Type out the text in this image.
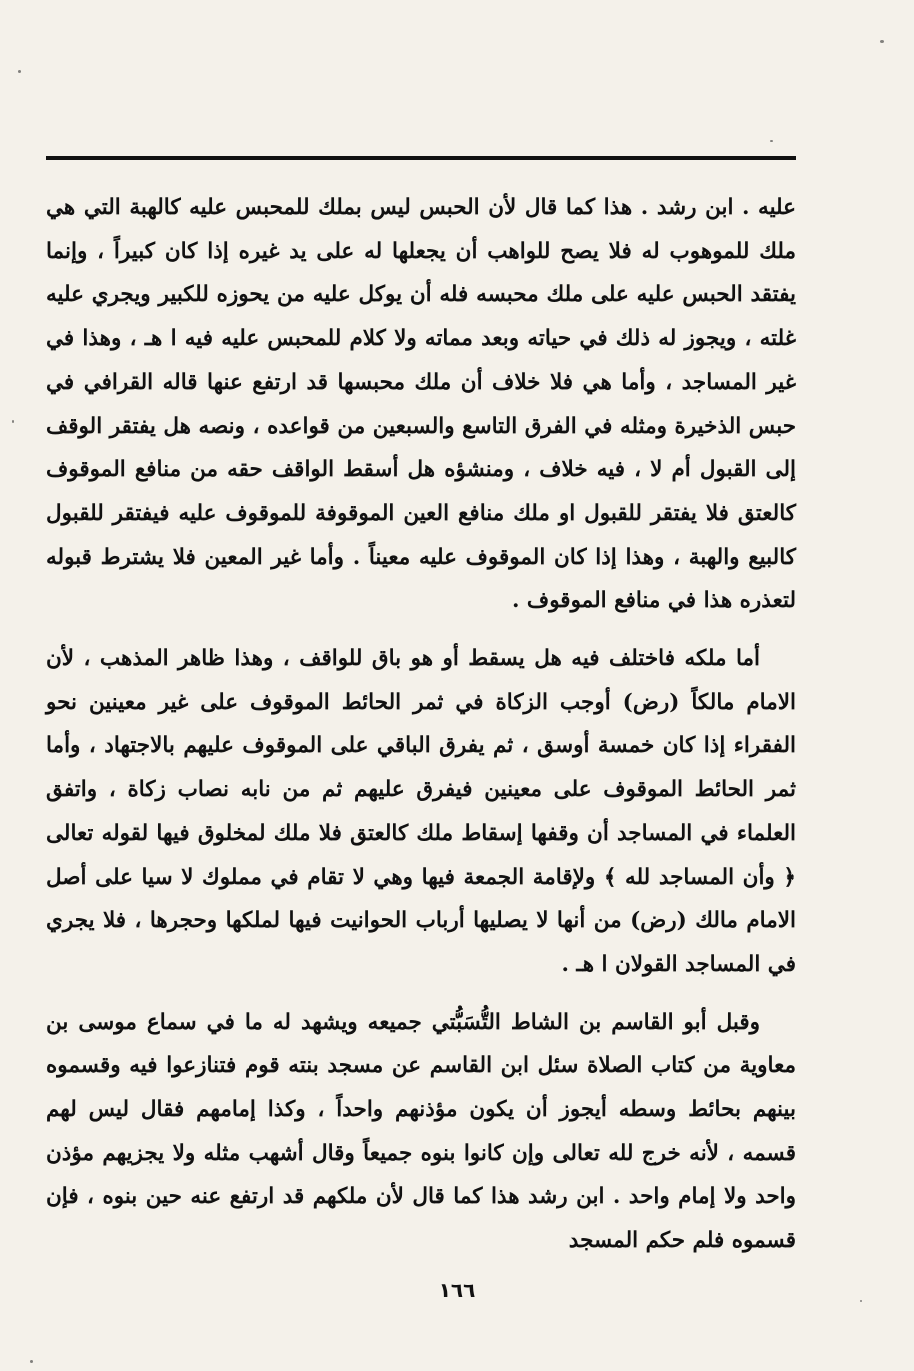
عليه . ابن رشد . هذا كما قال لأن الحبس ليس بملك للمحبس عليه كالهبة التي هي ملك للموهوب له فلا يصح للواهب أن يجعلها له على يد غيره إذا كان كبيراً ، وإنما يفتقد الحبس عليه على ملك محبسه فله أن يوكل عليه من يحوزه للكبير ويجري عليه غلته ، ويجوز له ذلك في حياته وبعد مماته ولا كلام للمحبس عليه فيه ا هـ ، وهذا في غير المساجد ، وأما هي فلا خلاف أن ملك محبسها قد ارتفع عنها قاله القرافي في حبس الذخيرة ومثله في الفرق التاسع والسبعين من قواعده ، ونصه هل يفتقر الوقف إلى القبول أم لا ، فيه خلاف ، ومنشؤه هل أسقط الواقف حقه من منافع الموقوف كالعتق فلا يفتقر للقبول او ملك منافع العين الموقوفة للموقوف عليه فيفتقر للقبول كالبيع والهبة ، وهذا إذا كان الموقوف عليه معيناً . وأما غير المعين فلا يشترط قبوله لتعذره هذا في منافع الموقوف .

أما ملكه فاختلف فيه هل يسقط أو هو باق للواقف ، وهذا ظاهر المذهب ، لأن الامام مالكاً (رض) أوجب الزكاة في ثمر الحائط الموقوف على غير معينين نحو الفقراء إذا كان خمسة أوسق ، ثم يفرق الباقي على الموقوف عليهم بالاجتهاد ، وأما ثمر الحائط الموقوف على معينين فيفرق عليهم ثم من نابه نصاب زكاة ، واتفق العلماء في المساجد أن وقفها إسقاط ملك كالعتق فلا ملك لمخلوق فيها لقوله تعالى ﴿ وأن المساجد لله ﴾ ولإقامة الجمعة فيها وهي لا تقام في مملوك لا سيا على أصل الامام مالك (رض) من أنها لا يصليها أرباب الحوانيت فيها لملكها وحجرها ، فلا يجري في المساجد القولان ا هـ .

وقبل أبو القاسم بن الشاط التُّسَبُّتي جميعه ويشهد له ما في سماع موسى بن معاوية من كتاب الصلاة سئل ابن القاسم عن مسجد بنته قوم فتنازعوا فيه وقسموه بينهم بحائط وسطه أيجوز أن يكون مؤذنهم واحداً ، وكذا إمامهم فقال ليس لهم قسمه ، لأنه خرج لله تعالى وإن كانوا بنوه جميعاً وقال أشهب مثله ولا يجزيهم مؤذن واحد ولا إمام واحد . ابن رشد هذا كما قال لأن ملكهم قد ارتفع عنه حين بنوه ، فإن قسموه فلم حكم المسجد

١٦٦
